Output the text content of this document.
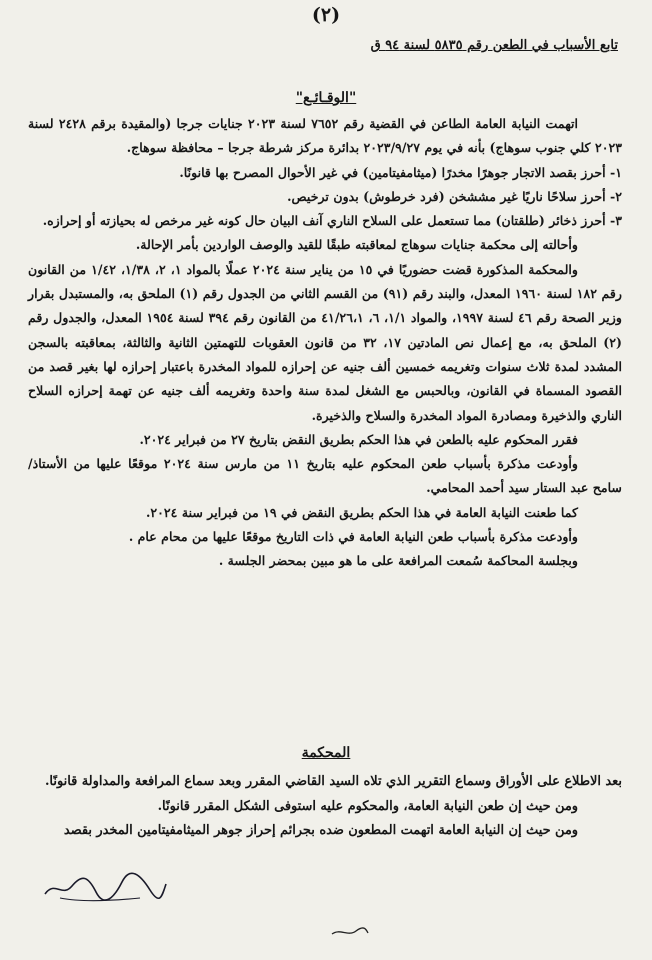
(٢)
تابع الأسباب في الطعن رقم ٥٨٣٥ لسنة ٩٤ ق
"الوقـائـع"

اتهمت النيابة العامة الطاعن في القضية رقم ٧٦٥٢ لسنة ٢٠٢٣ جنايات جرجا (والمقيدة برقم ٢٤٢٨ لسنة ٢٠٢٣ كلي جنوب سوهاج) بأنه في يوم ٢٠٢٣/٩/٢٧ بدائرة مركز شرطة جرجا – محافظة سوهاج.

١- أحرز بقصد الاتجار جوهرًا مخدرًا (ميثامفيتامين) في غير الأحوال المصرح بها قانونًا.

٢- أحرز سلاحًا ناريًا غير مششخن (فرد خرطوش) بدون ترخيص.

٣- أحرز ذخائر (طلقتان) مما تستعمل على السلاح الناري آنف البيان حال كونه غير مرخص له بحيازته أو إحرازه.

وأحالته إلى محكمة جنايات سوهاج لمعاقبته طبقًا للقيد والوصف الواردين بأمر الإحالة.

والمحكمة المذكورة قضت حضوريًا في ١٥ من يناير سنة ٢٠٢٤ عملًا بالمواد ١، ٢، ١/٣٨، ١/٤٢ من القانون رقم ١٨٢ لسنة ١٩٦٠ المعدل، والبند رقم (٩١) من القسم الثاني من الجدول رقم (١) الملحق به، والمستبدل بقرار وزير الصحة رقم ٤٦ لسنة ١٩٩٧، والمواد ١/١، ٦، ٤١/٢٦،١ من القانون رقم ٣٩٤ لسنة ١٩٥٤ المعدل، والجدول رقم (٢) الملحق به، مع إعمال نص المادتين ١٧، ٣٢ من قانون العقوبات للتهمتين الثانية والثالثة، بمعاقبته بالسجن المشدد لمدة ثلاث سنوات وتغريمه خمسين ألف جنيه عن إحرازه للمواد المخدرة باعتبار إحرازه لها بغير قصد من القصود المسماة في القانون، وبالحبس مع الشغل لمدة سنة واحدة وتغريمه ألف جنيه عن تهمة إحرازه السلاح الناري والذخيرة ومصادرة المواد المخدرة والسلاح والذخيرة.

فقرر المحكوم عليه بالطعن في هذا الحكم بطريق النقض بتاريخ ٢٧ من فبراير ٢٠٢٤.

وأودعت مذكرة بأسباب طعن المحكوم عليه بتاريخ ١١ من مارس سنة ٢٠٢٤ موقعًا عليها من الأستاذ/ سامح عبد الستار سيد أحمد المحامي.

كما طعنت النيابة العامة في هذا الحكم بطريق النقض في ١٩ من فبراير سنة ٢٠٢٤.

وأودعت مذكرة بأسباب طعن النيابة العامة في ذات التاريخ موقعًا عليها من محام عام .

وبجلسة المحاكمة سُمعت المرافعة على ما هو مبين بمحضر الجلسة .

المحكمة

بعد الاطلاع على الأوراق وسماع التقرير الذي تلاه السيد القاضي المقرر وبعد سماع المرافعة والمداولة قانونًا.

ومن حيث إن طعن النيابة العامة، والمحكوم عليه استوفى الشكل المقرر قانونًا.

ومن حيث إن النيابة العامة اتهمت المطعون ضده بجرائم إحراز جوهر الميثامفيتامين المخدر بقصد
